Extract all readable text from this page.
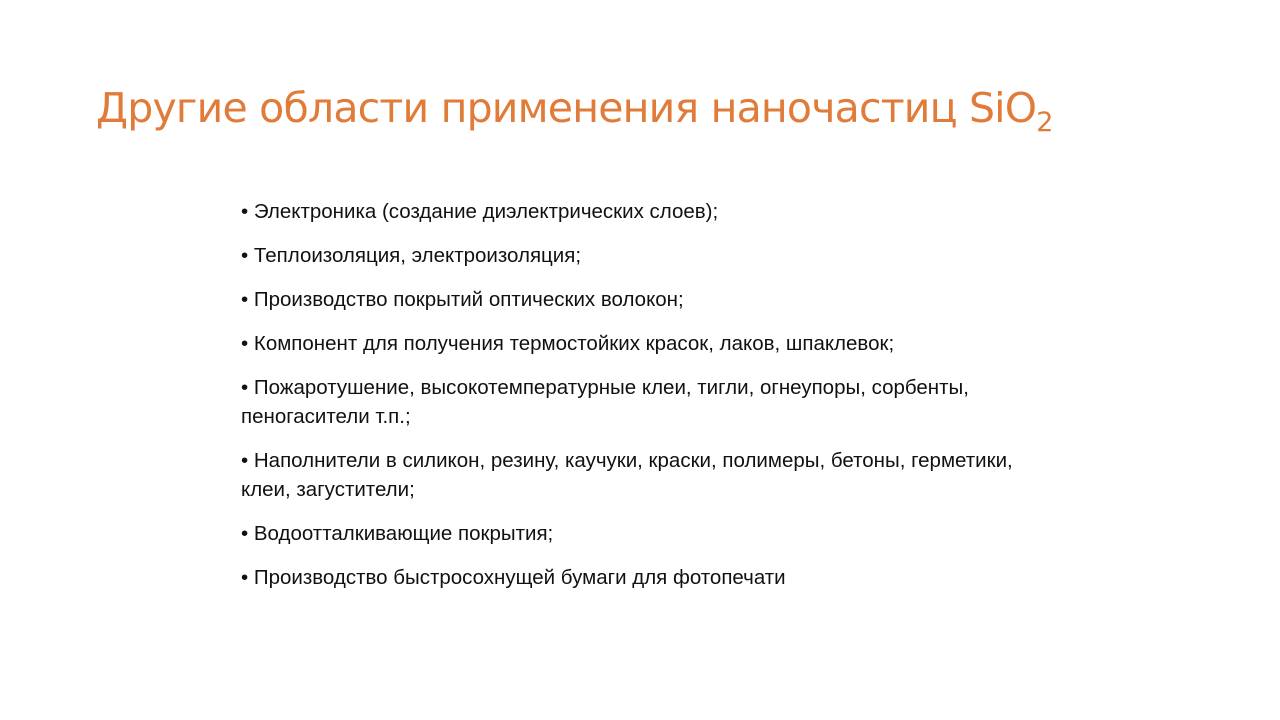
Другие области применения наночастиц SiO$_2$
• Электроника (создание диэлектрических слоев);
• Теплоизоляция, электроизоляция;
• Производство покрытий оптических волокон;
• Компонент для получения термостойких красок, лаков, шпаклевок;
• Пожаротушение, высокотемпературные клеи, тигли, огнеупоры, сорбенты, пеногасители т.п.;
• Наполнители в силикон, резину, каучуки, краски, полимеры, бетоны, герметики, клеи, загустители;
• Водоотталкивающие покрытия;
• Производство быстросохнущей бумаги для фотопечати
